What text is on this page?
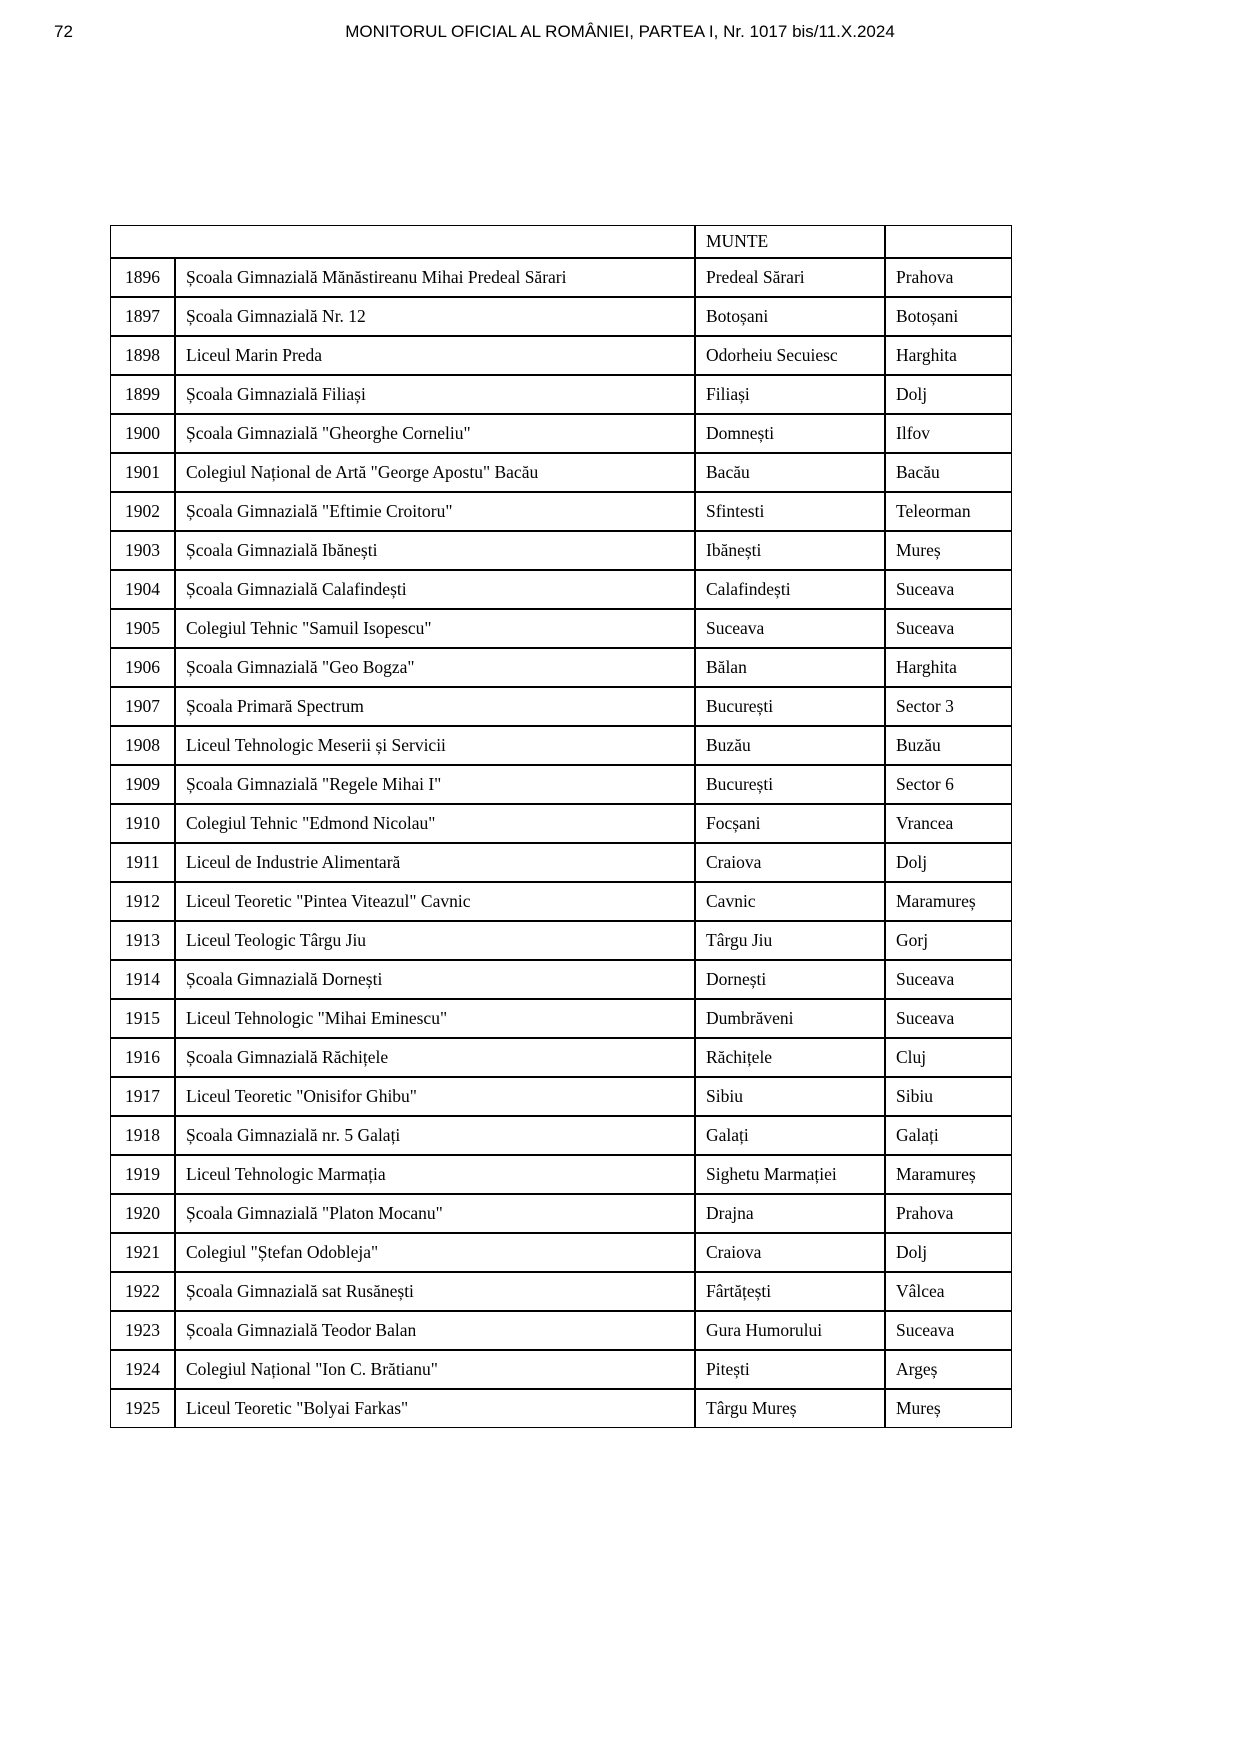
72	MONITORUL OFICIAL AL ROMÂNIEI, PARTEA I, Nr. 1017 bis/11.X.2024
		MUNTE	
1896	Școala Gimnazială Mănăstireanu Mihai Predeal Sărari	Predeal Sărari	Prahova
1897	Școala Gimnazială Nr. 12	Botoșani	Botoșani
1898	Liceul Marin Preda	Odorheiu Secuiesc	Harghita
1899	Școala Gimnazială Filiași	Filiași	Dolj
1900	Școala Gimnazială "Gheorghe Corneliu"	Domnești	Ilfov
1901	Colegiul Național de Artă "George Apostu" Bacău	Bacău	Bacău
1902	Școala Gimnazială "Eftimie Croitoru"	Sfintesti	Teleorman
1903	Școala Gimnazială Ibănești	Ibănești	Mureș
1904	Școala Gimnazială Calafindești	Calafindești	Suceava
1905	Colegiul Tehnic "Samuil Isopescu"	Suceava	Suceava
1906	Școala Gimnazială "Geo Bogza"	Bălan	Harghita
1907	Școala Primară Spectrum	București	Sector 3
1908	Liceul Tehnologic Meserii și Servicii	Buzău	Buzău
1909	Școala Gimnazială "Regele Mihai I"	București	Sector 6
1910	Colegiul Tehnic "Edmond Nicolau"	Focșani	Vrancea
1911	Liceul de Industrie Alimentară	Craiova	Dolj
1912	Liceul Teoretic "Pintea Viteazul" Cavnic	Cavnic	Maramureș
1913	Liceul Teologic Târgu Jiu	Târgu Jiu	Gorj
1914	Școala Gimnazială Dornești	Dornești	Suceava
1915	Liceul Tehnologic "Mihai Eminescu"	Dumbrăveni	Suceava
1916	Școala Gimnazială Răchițele	Răchițele	Cluj
1917	Liceul Teoretic "Onisifor Ghibu"	Sibiu	Sibiu
1918	Școala Gimnazială nr. 5 Galați	Galați	Galați
1919	Liceul Tehnologic Marmația	Sighetu Marmației	Maramureș
1920	Școala Gimnazială "Platon Mocanu"	Drajna	Prahova
1921	Colegiul "Ștefan Odobleja"	Craiova	Dolj
1922	Școala Gimnazială sat Rusănești	Fârtățești	Vâlcea
1923	Școala Gimnazială Teodor Balan	Gura Humorului	Suceava
1924	Colegiul Național "Ion C. Brătianu"	Pitești	Argeș
1925	Liceul Teoretic "Bolyai Farkas"	Târgu Mureș	Mureș
